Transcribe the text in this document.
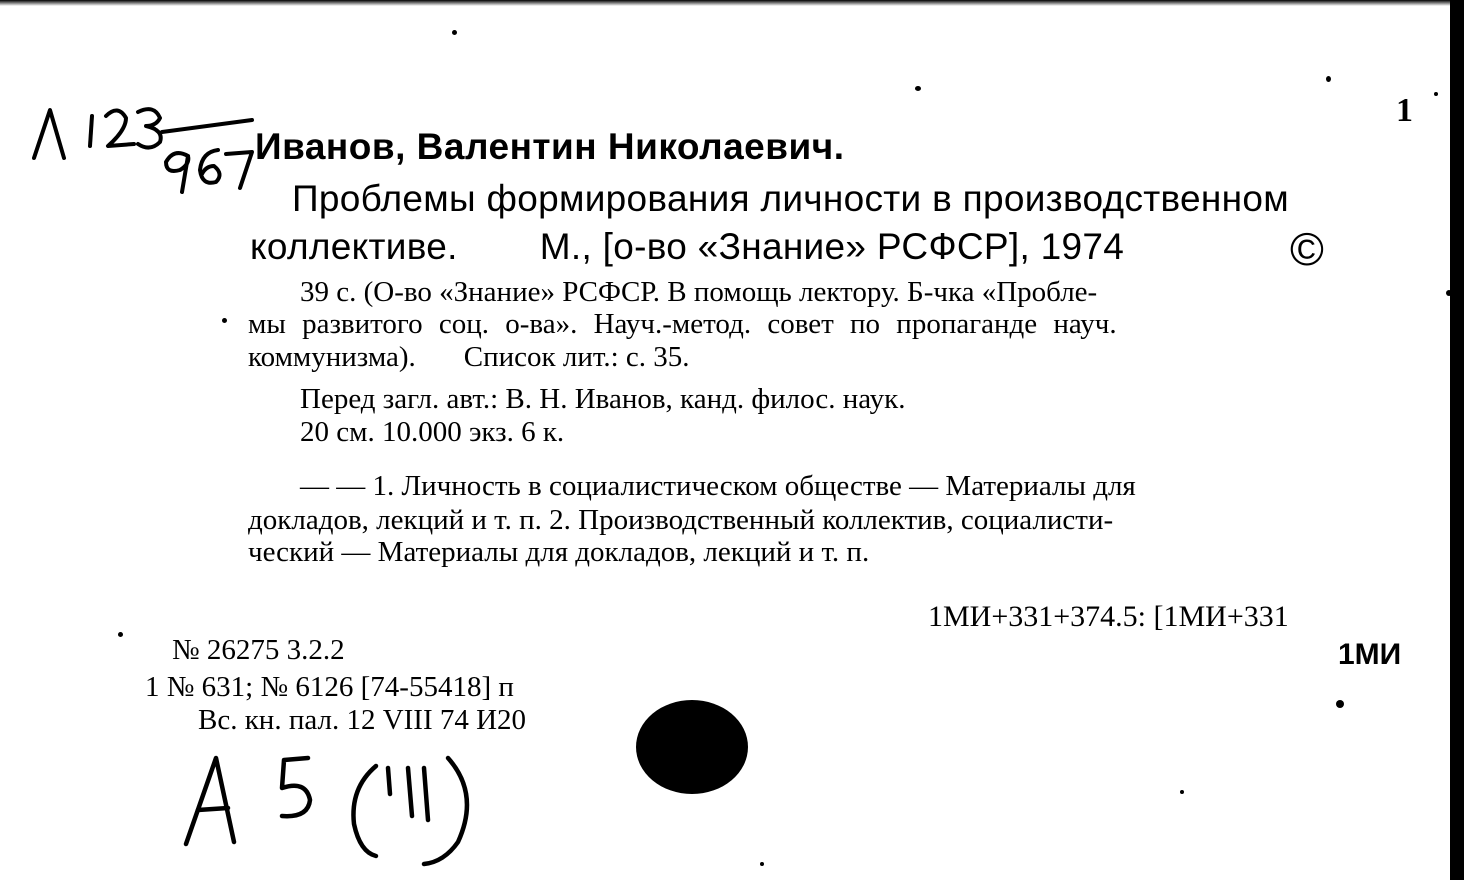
1
Иванов, Валентин Николаевич.
Проблемы формирования личности в производственном
коллективе. М., [о-во «Знание» РСФСР], 1974	©
39 с. (О-во «Знание» РСФСР. В помощь лектору. Б-чка «Пробле-
мы развитого соц. о-ва». Науч.-метод. совет по пропаганде науч.
коммунизма). Список лит.: с. 35.
Перед загл. авт.: В. Н. Иванов, канд. филос. наук.
20 см. 10.000 экз. 6 к.
— — 1. Личность в социалистическом обществе — Материалы для
докладов, лекций и т. п. 2. Производственный коллектив, социалисти-
ческий — Материалы для докладов, лекций и т. п.
1МИ+331+374.5: [1МИ+331
1МИ
№ 26275 3.2.2
1 № 631; № 6126 [74-55418] п
Вс. кн. пал. 12 VIII 74 И20
